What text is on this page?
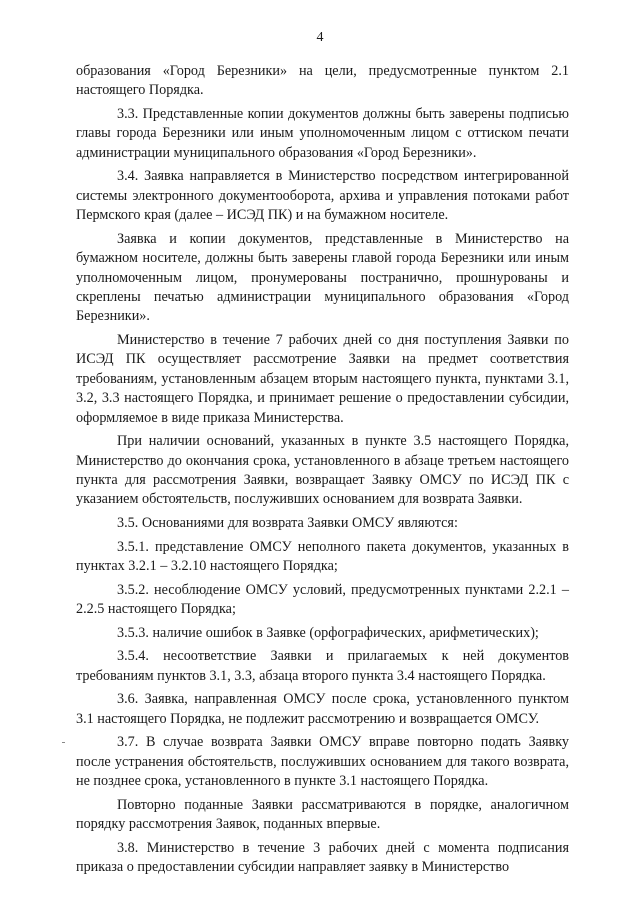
4

образования «Город Березники» на цели, предусмотренные пунктом 2.1 настоящего Порядка.

3.3. Представленные копии документов должны быть заверены подписью главы города Березники или иным уполномоченным лицом с оттиском печати администрации муниципального образования «Город Березники».

3.4. Заявка направляется в Министерство посредством интегрированной системы электронного документооборота, архива и управления потоками работ Пермского края (далее – ИСЭД ПК) и на бумажном носителе.

Заявка и копии документов, представленные в Министерство на бумажном носителе, должны быть заверены главой города Березники или иным уполномоченным лицом, пронумерованы постранично, прошнурованы и скреплены печатью администрации муниципального образования «Город Березники».

Министерство в течение 7 рабочих дней со дня поступления Заявки по ИСЭД ПК осуществляет рассмотрение Заявки на предмет соответствия требованиям, установленным абзацем вторым настоящего пункта, пунктами 3.1, 3.2, 3.3 настоящего Порядка, и принимает решение о предоставлении субсидии, оформляемое в виде приказа Министерства.

При наличии оснований, указанных в пункте 3.5 настоящего Порядка, Министерство до окончания срока, установленного в абзаце третьем настоящего пункта для рассмотрения Заявки, возвращает Заявку ОМСУ по ИСЭД ПК с указанием обстоятельств, послуживших основанием для возврата Заявки.

3.5. Основаниями для возврата Заявки ОМСУ являются:

3.5.1. представление ОМСУ неполного пакета документов, указанных в пунктах 3.2.1 – 3.2.10 настоящего Порядка;

3.5.2. несоблюдение ОМСУ условий, предусмотренных пунктами 2.2.1 – 2.2.5 настоящего Порядка;

3.5.3. наличие ошибок в Заявке (орфографических, арифметических);

3.5.4. несоответствие Заявки и прилагаемых к ней документов требованиям пунктов 3.1, 3.3, абзаца второго пункта 3.4 настоящего Порядка.

3.6. Заявка, направленная ОМСУ после срока, установленного пунктом 3.1 настоящего Порядка, не подлежит рассмотрению и возвращается ОМСУ.

3.7. В случае возврата Заявки ОМСУ вправе повторно подать Заявку после устранения обстоятельств, послуживших основанием для такого возврата, не позднее срока, установленного в пункте 3.1 настоящего Порядка.

Повторно поданные Заявки рассматриваются в порядке, аналогичном порядку рассмотрения Заявок, поданных впервые.

3.8. Министерство в течение 3 рабочих дней с момента подписания приказа о предоставлении субсидии направляет заявку в Министерство
